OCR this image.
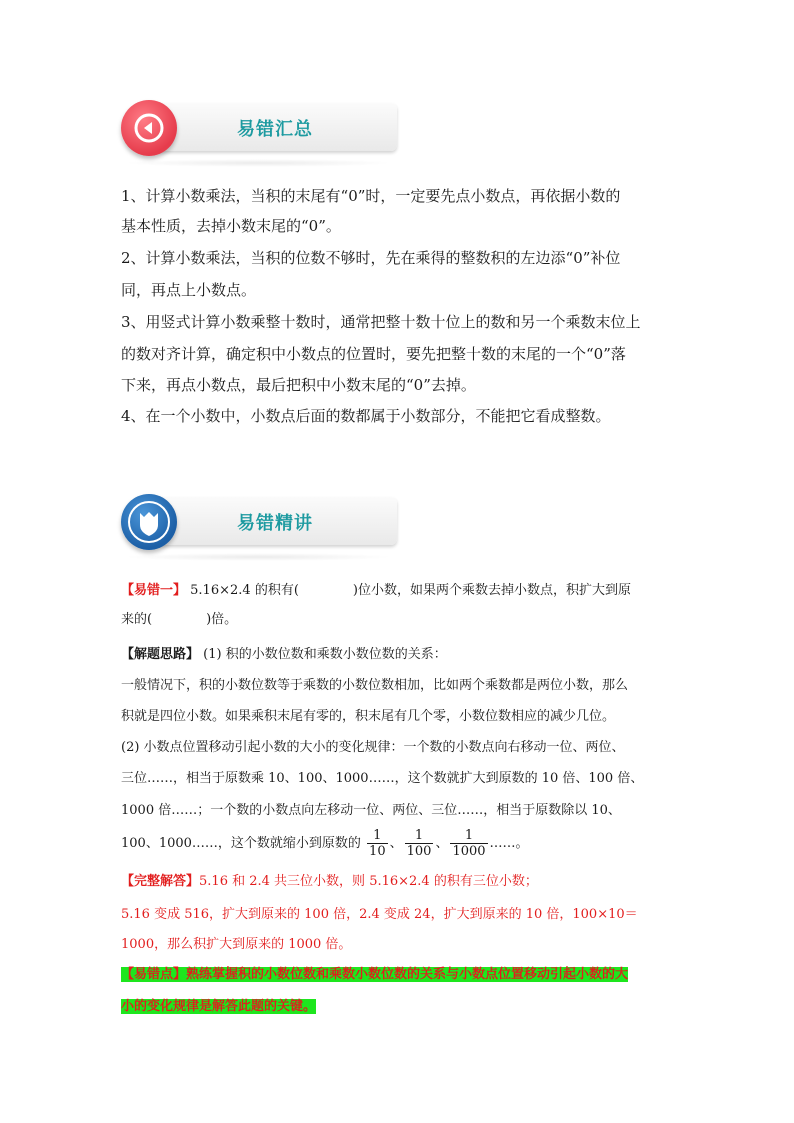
易错汇总
1、计算小数乘法，当积的末尾有“0”时，一定要先点小数点，再依据小数的
基本性质，去掉小数末尾的“0”。
2、计算小数乘法，当积的位数不够时，先在乘得的整数积的左边添“0”补位
同，再点上小数点。
3、用竖式计算小数乘整十数时，通常把整十数十位上的数和另一个乘数末位上
的数对齐计算，确定积中小数点的位置时，要先把整十数的末尾的一个“0”落
下来，再点小数点，最后把积中小数末尾的“0”去掉。
4、在一个小数中，小数点后面的数都属于小数部分，不能把它看成整数。
易错精讲
【易错一】 5.16×2.4 的积有(	)位小数，如果两个乘数去掉小数点，积扩大到原
来的(	)倍。
【解题思路】 (1) 积的小数位数和乘数小数位数的关系：
一般情况下，积的小数位数等于乘数的小数位数相加，比如两个乘数都是两位小数，那么
积就是四位小数。如果乘积末尾有零的，积末尾有几个零，小数位数相应的减少几位。
(2) 小数点位置移动引起小数的大小的变化规律：一个数的小数点向右移动一位、两位、
三位……，相当于原数乘 10、100、1000……，这个数就扩大到原数的 10 倍、100 倍、
1000 倍……；一个数的小数点向左移动一位、两位、三位……，相当于原数除以 10、
100、1000……，这个数就缩小到原数的 $\frac{1}{10}$ 、 $\frac{1}{100}$ 、 $\frac{1}{1000}$ ……。
【完整解答】5.16 和 2.4 共三位小数，则 5.16×2.4 的积有三位小数；
5.16 变成 516，扩大到原来的 100 倍，2.4 变成 24，扩大到原来的 10 倍，100×10＝
1000，那么积扩大到原来的 1000 倍。
【易错点】熟练掌握积的小数位数和乘数小数位数的关系与小数点位置移动引起小数的大
小的变化规律是解答此题的关键。
